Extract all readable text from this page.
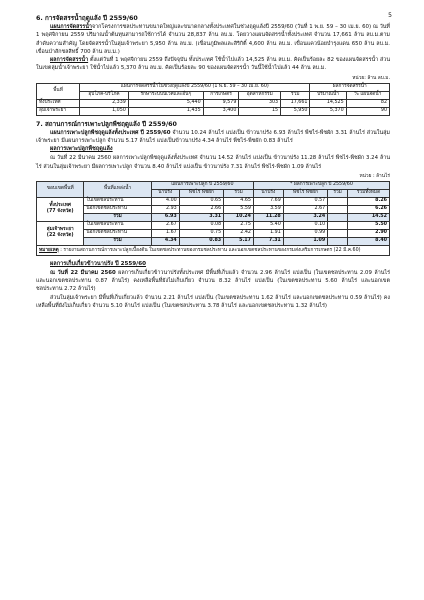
5

6. การจัดสรรน้ำฤดูแล้ง ปี 2559/60

แผนการจัดสรรน้ำจากโครงการชลประทานขนาดใหญ่และขนาดกลางทั้งประเทศในช่วงฤดูแล้งปี 2559/60 (วันที่ 1 พ.ย. 59 – 30 เม.ย. 60) ณ วันที่ 1 พฤศจิกายน 2559 ปริมาณน้ำต้นทุนสามารถใช้การได้ จำนวน 28,837 ล้าน ลบ.ม. โดยวางแผนจัดสรรน้ำทั้งประเทศ จำนวน 17,661 ล้าน ลบ.ม.ตามลำดับความสำคัญ โดยจัดสรรน้ำในลุ่มเจ้าพระยา 5,950 ล้าน ลบ.ม. (เขื่อนภูมิพลและสิริกิติ์ 4,600 ล้าน ลบ.ม. เขื่อนแควน้อยบำรุงแดน 650 ล้าน ลบ.ม. เขื่อนป่าสักชลสิทธิ์ 700 ล้าน ลบ.ม.)

ผลการจัดสรรน้ำ ตั้งแต่วันที่ 1 พฤศจิกายน 2559 ถึงปัจจุบัน ทั้งประเทศ ใช้น้ำไปแล้ว 14,525 ล้าน ลบ.ม. คิดเป็นร้อยละ 82 ของแผนจัดสรรน้ำ ส่วนในเขตลุ่มน้ำเจ้าพระยา ใช้น้ำไปแล้ว 5,370 ล้าน ลบ.ม. คิดเป็นร้อยละ 90 ของแผนจัดสรรน้ำ วันนี้ใช้น้ำไปแล้ว 44 ล้าน ลบ.ม.

หน่วย: ล้าน ลบ.ม.
พื้นที่	แผนการจัดสรรน้ำในช่วงฤดูแล้งปี 2559/60 (1 พ.ย. 59 – 30 เม.ย. 60)					ผลการจัดสรรน้ำ	
	อุปโภค-บริโภค	รักษาระบบนิเวศและอื่นๆ	การเกษตร	อุตสาหกรรม	รวม	ปริมาณน้ำ	% แผนจัดน้ำ
ทั้งประเทศ	2,339	5,440	9,579	303	17,661	14,525	82
ลุ่มเจ้าพระยา	1,050	1,435	3,400	15	5,950	5,370	90

7. สถานการณ์การเพาะปลูกพืชฤดูแล้ง ปี 2559/60

แผนการเพาะปลูกพืชฤดูแล้งทั้งประเทศ ปี 2559/60 จำนวน 10.24 ล้านไร่ แบ่งเป็น ข้าวนาปรัง 6.93 ล้านไร่ พืชไร่-พืชผัก 3.31 ล้านไร่ ส่วนในลุ่มเจ้าพระยา มีแผนการเพาะปลูก จำนวน 5.17 ล้านไร่ แบ่งเป็นข้าวนาปรัง 4.34 ล้านไร่ พืชไร่-พืชผัก 0.83 ล้านไร่

ผลการเพาะปลูกพืชฤดูแล้ง

ณ วันที่ 22 มีนาคม 2560 ผลการเพาะปลูกพืชฤดูแล้งทั้งประเทศ จำนวน 14.52 ล้านไร่ แบ่งเป็น ข้าวนาปรัง 11.28 ล้านไร่ พืชไร่-พืชผัก 3.24 ล้านไร่ ส่วนในลุ่มเจ้าพระยา มีผลการเพาะปลูก จำนวน 8.40 ล้านไร่ แบ่งเป็น ข้าวนาปรัง 7.31 ล้านไร่ พืชไร่-พืชผัก 1.09 ล้านไร่

หน่วย : ล้านไร่
ขอบเขตพื้นที่	พื้นที่แหล่งน้ำ	แผนการเพาะปลูก ปี 2559/60			* ผลการเพาะปลูก ปี 2559/60			
		นาปรัง	พืชไร่ พืชผัก	รวม	นาปรัง	พืชไร่ พืชผัก	รวม	รวมทั้งหมด
ทั้งประเทศ
(77 จังหวัด)	ในเขตชลประทาน	4.00	0.65	4.65	7.69	0.57		8.26
	นอกเขตชลประทาน	2.93	2.66	5.59	3.59	2.67		6.26
	รวม	6.93	3.31	10.24	11.28	3.24		14.52
ลุ่มเจ้าพระยา
(22 จังหวัด)	ในเขตชลประทาน	2.67	0.08	2.75	5.40	0.10		5.50
	นอกเขตชลประทาน	1.67	0.75	2.42	1.91	0.99		2.90
	รวม	4.34	0.83	5.17	7.31	1.09		8.40
หมายเหตุ : รายงานสถานการณ์การเพาะปลูกเบื้องต้น ในเขตชลประทานของกรมชลประทาน และนอกเขตชลประทานของกรมส่งเสริมการเกษตร (22 มี.ค.60)

ผลการเก็บเกี่ยวข้าวนาปรัง ปี 2559/60

ณ วันที่ 22 มีนาคม 2560 ผลการเก็บเกี่ยวข้าวนาปรังทั้งประเทศ มีพื้นที่เก็บแล้ว จำนวน 2.96 ล้านไร่ แบ่งเป็น (ในเขตชลประทาน 2.09 ล้านไร่ และนอกเขตชลประทาน 0.87 ล้านไร่) คงเหลือพื้นที่ยังไม่เก็บเกี่ยว จำนวน 8.32 ล้านไร่ แบ่งเป็น (ในเขตชลประทาน 5.60 ล้านไร่ และนอกเขตชลประทาน 2.72 ล้านไร่)

ส่วนในลุ่มเจ้าพระยา มีพื้นที่เก็บเกี่ยวแล้ว จำนวน 2.21 ล้านไร่ แบ่งเป็น (ในเขตชลประทาน 1.62 ล้านไร่ และนอกเขตชลประทาน 0.59 ล้านไร่) คงเหลือพื้นที่ยังไม่เก็บเกี่ยว จำนวน 5.10 ล้านไร่ แบ่งเป็น (ในเขตชลประทาน 3.78 ล้านไร่ และนอกเขตชลประทาน 1.32 ล้านไร่)
